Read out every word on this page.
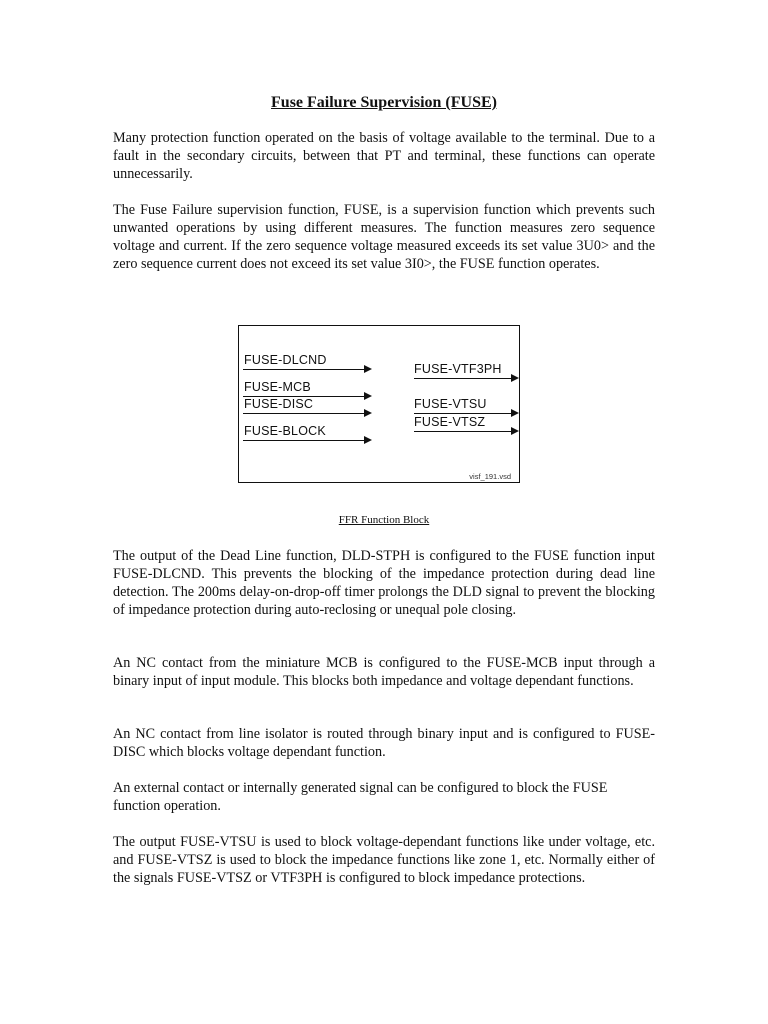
Fuse Failure Supervision (FUSE)

Many protection function operated on the basis of voltage available to the terminal. Due to a fault in the secondary circuits, between that PT and terminal, these functions can operate unnecessarily.

The Fuse Failure supervision function, FUSE, is a supervision function which prevents such unwanted operations by using different measures. The function measures zero sequence voltage and current. If the zero sequence voltage measured exceeds its set value 3U0> and the zero sequence current does not exceed its set value 3I0>, the FUSE function operates.

FUSE-DLCND
FUSE-MCB
FUSE-DISC
FUSE-BLOCK
FUSE-VTF3PH
FUSE-VTSU
FUSE-VTSZ
visf_191.vsd
FFR Function Block

The output of the Dead Line function, DLD-STPH is configured to the FUSE function input FUSE-DLCND. This prevents the blocking of the impedance protection during dead line detection. The 200ms delay-on-drop-off timer prolongs the DLD signal to prevent the blocking of impedance protection during auto-reclosing or unequal pole closing.

An NC contact from the miniature MCB is configured to the FUSE-MCB input through a binary input of input module. This blocks both impedance and voltage dependant functions.

An NC contact from line isolator is routed through binary input and is configured to FUSE-DISC which blocks voltage dependant function.

An external contact or internally generated signal can be configured to block the FUSE function operation.

The output FUSE-VTSU is used to block voltage-dependant functions like under voltage, etc. and FUSE-VTSZ is used to block the impedance functions like zone 1, etc. Normally either of the signals FUSE-VTSZ or VTF3PH is configured to block impedance protections.
